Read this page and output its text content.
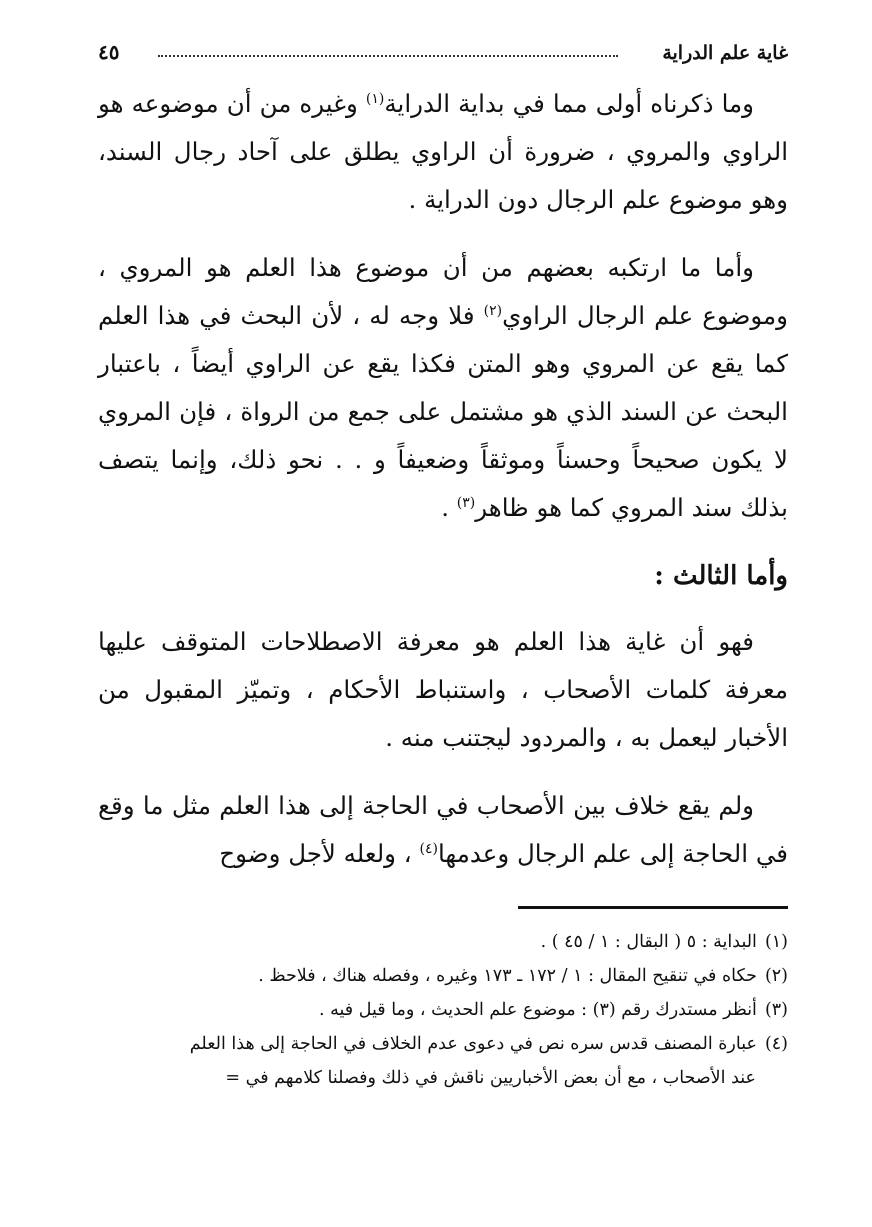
غاية علم الدراية
٤٥

وما ذكرناه أولى مما في بداية الدراية$^{(١)}$ وغيره من أن موضوعه هو الراوي والمروي ، ضرورة أن الراوي يطلق على آحاد رجال السند، وهو موضوع علم الرجال دون الدراية .

وأما ما ارتكبه بعضهم من أن موضوع هذا العلم هو المروي ، وموضوع علم الرجال الراوي$^{(٢)}$ فلا وجه له ، لأن البحث في هذا العلم كما يقع عن المروي وهو المتن فكذا يقع عن الراوي أيضاً ، باعتبار البحث عن السند الذي هو مشتمل على جمع من الرواة ، فإن المروي لا يكون صحيحاً وحسناً وموثقاً وضعيفاً و . . نحو ذلك، وإنما يتصف بذلك سند المروي كما هو ظاهر$^{(٣)}$ .

وأما الثالث :

فهو أن غاية هذا العلم هو معرفة الاصطلاحات المتوقف عليها معرفة كلمات الأصحاب ، واستنباط الأحكام ، وتميّز المقبول من الأخبار ليعمل به ، والمردود ليجتنب منه .

ولم يقع خلاف بين الأصحاب في الحاجة إلى هذا العلم مثل ما وقع في الحاجة إلى علم الرجال وعدمها$^{(٤)}$ ، ولعله لأجل وضوح

(١)البداية : ٥ ( البقال : ١ / ٤٥ ) .
(٢)حكاه في تنقيح المقال : ١ / ١٧٢ ـ ١٧٣ وغيره ، وفصله هناك ، فلاحظ .
(٣)أنظر مستدرك رقم (٣) : موضوع علم الحديث ، وما قيل فيه .
(٤)عبارة المصنف قدس سره نص في دعوى عدم الخلاف في الحاجة إلى هذا العلم
عند الأصحاب ، مع أن بعض الأخباريين ناقش في ذلك وفصلنا كلامهم في =
